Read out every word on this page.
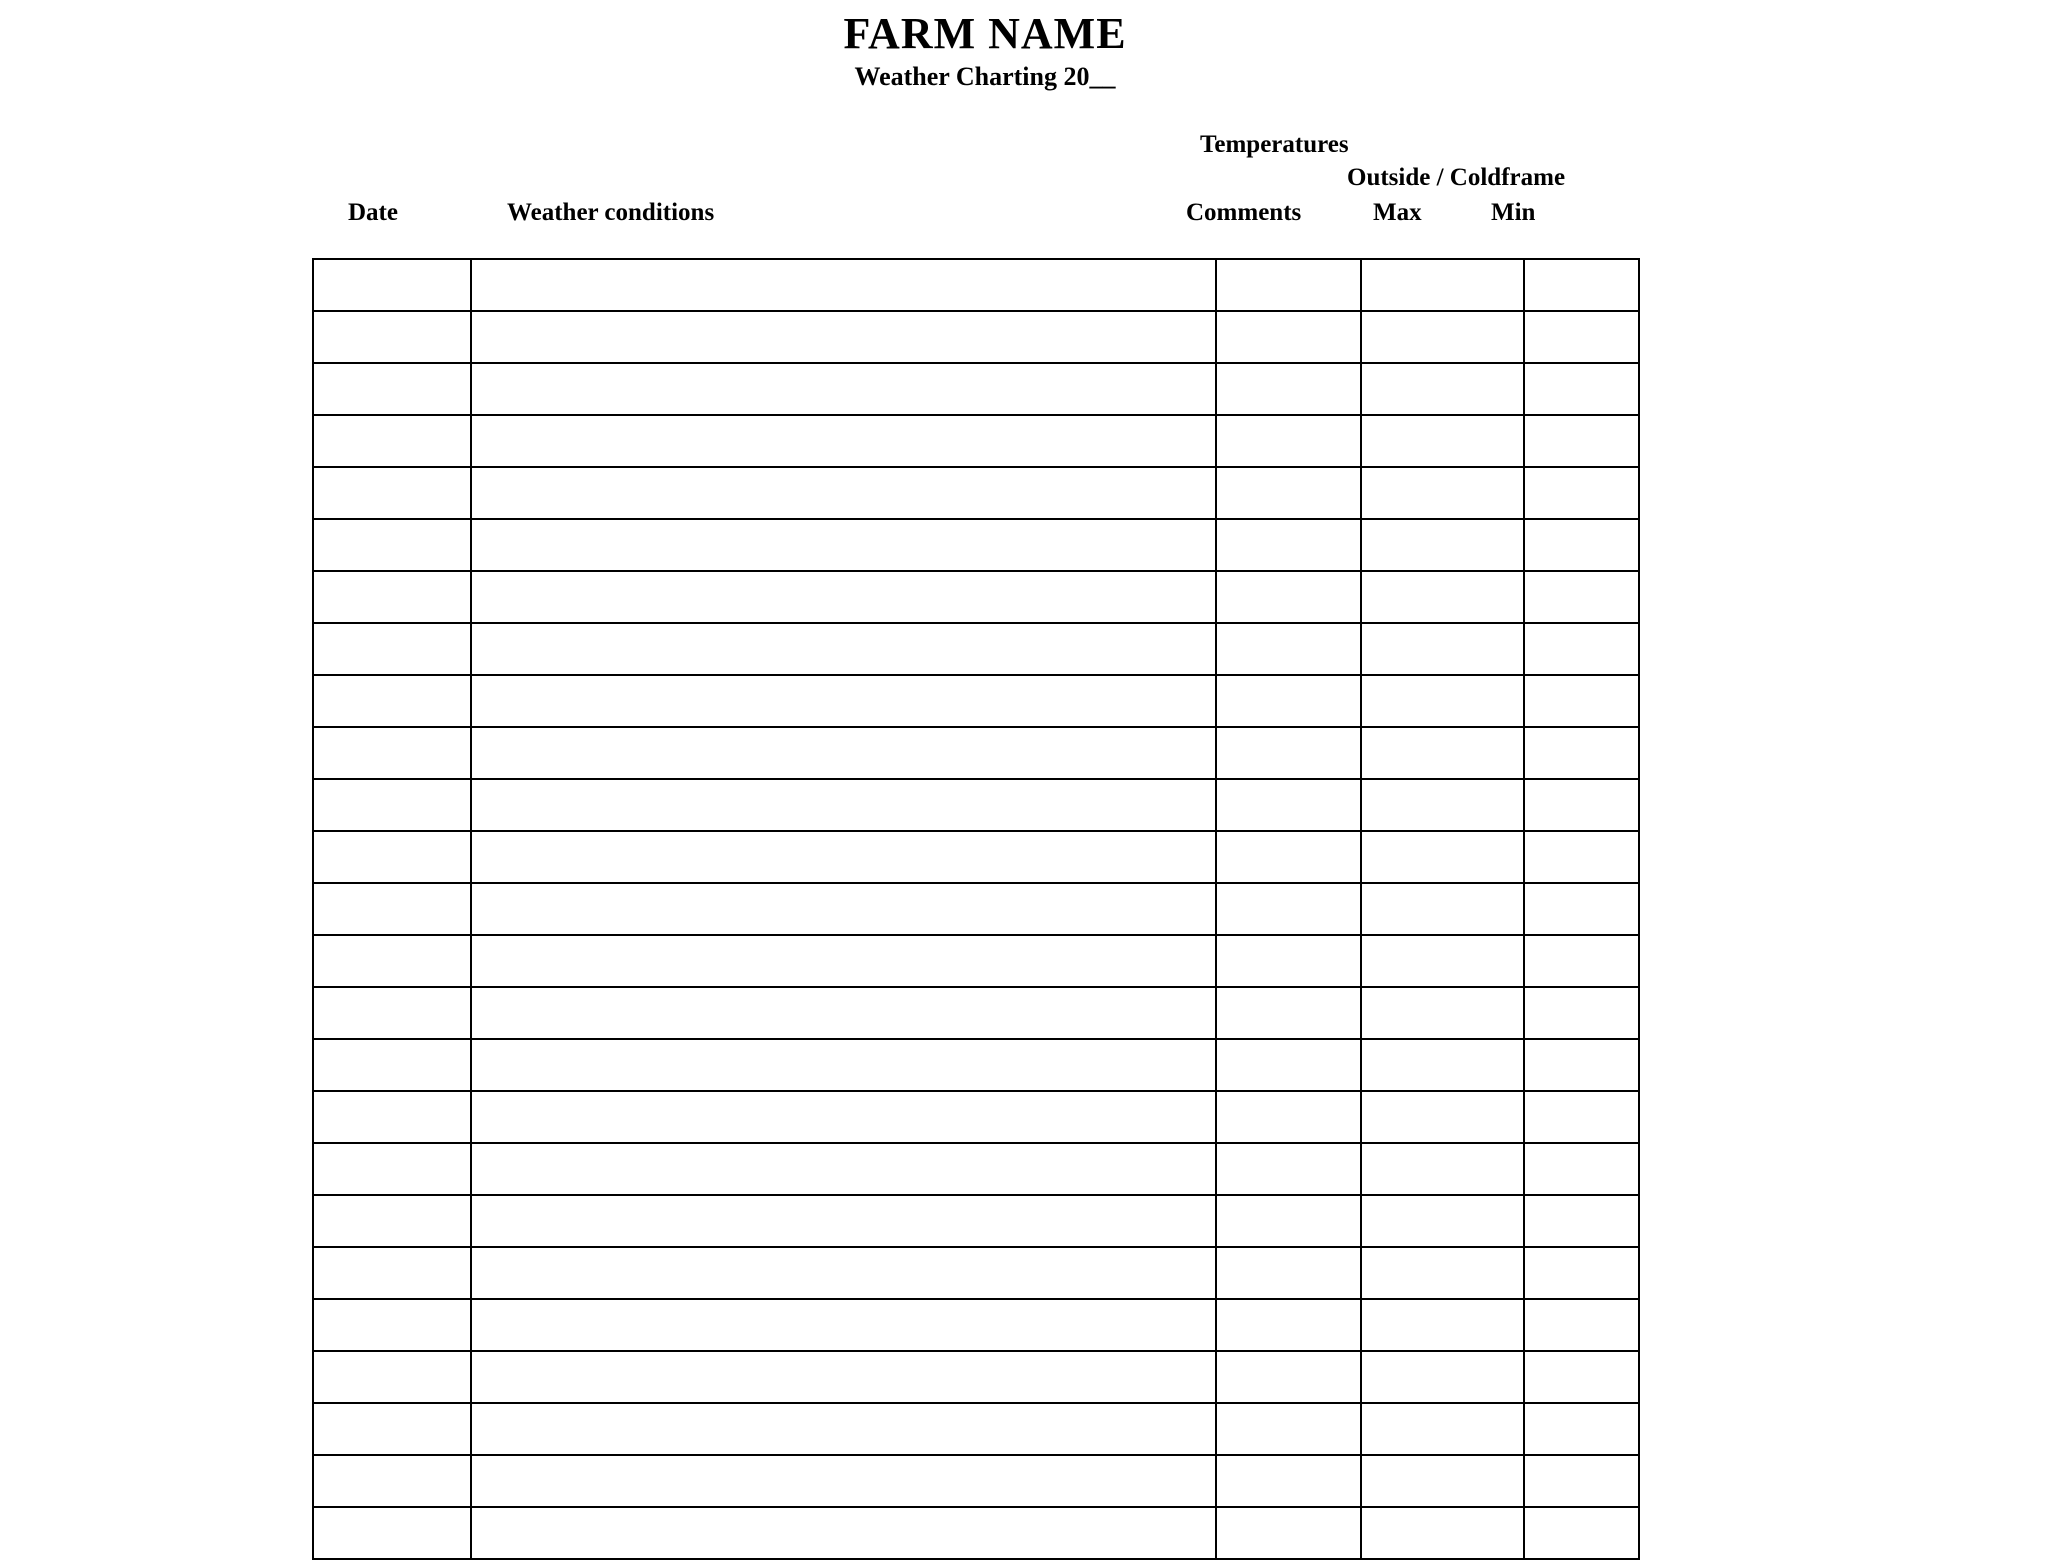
FARM NAME
Weather Charting 20__
Temperatures
Outside / Coldframe
Date	Weather conditions	Comments	Max	Min
